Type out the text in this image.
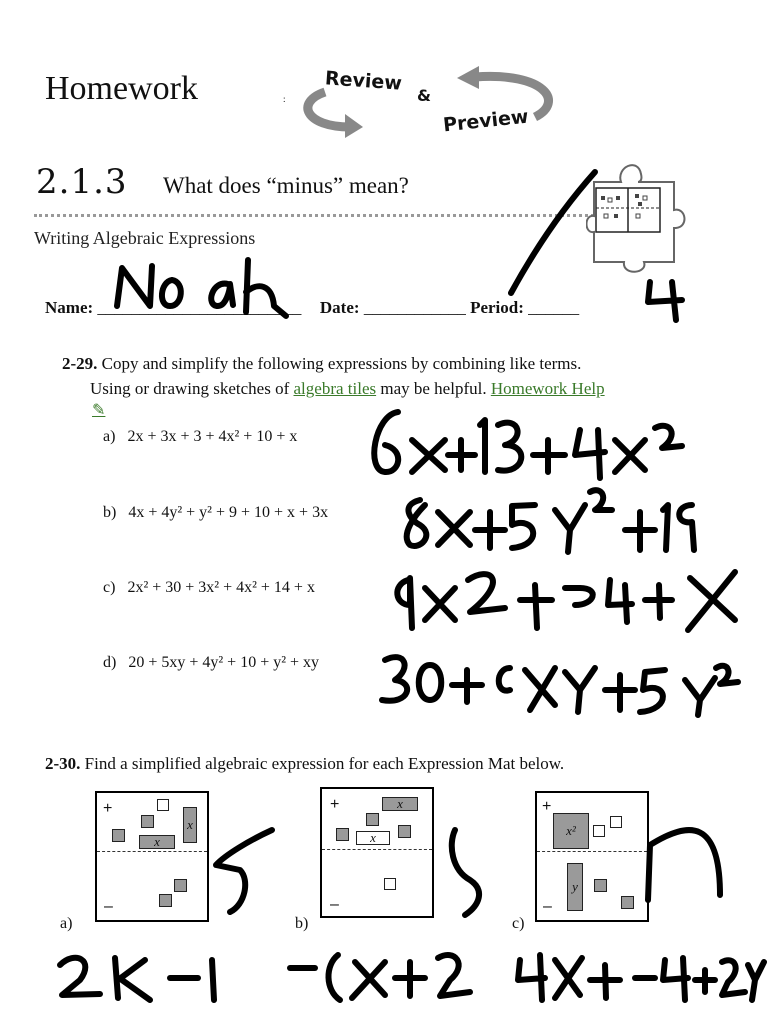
Homework	:
Review
&
Preview
2.1.3 What does “minus” mean?
Writing Algebraic Expressions
Name: ________________________ Date: ____________ Period: ______
2-29. Copy and simplify the following expressions by combining like terms.
Using or drawing sketches of algebra tiles may be helpful. Homework Help
✎
a) 2x + 3x + 3 + 4x² + 10 + x
b) 4x + 4y² + y² + 9 + 10 + x + 3x
c) 2x² + 30 + 3x² + 4x² + 14 + x
d) 20 + 5xy + 4y² + 10 + y² + xy
2-30. Find a simplified algebraic expression for each Expression Mat below.
+
–
x
x
a)
+
–
x
x
b)
+
–
x²
y
c)
